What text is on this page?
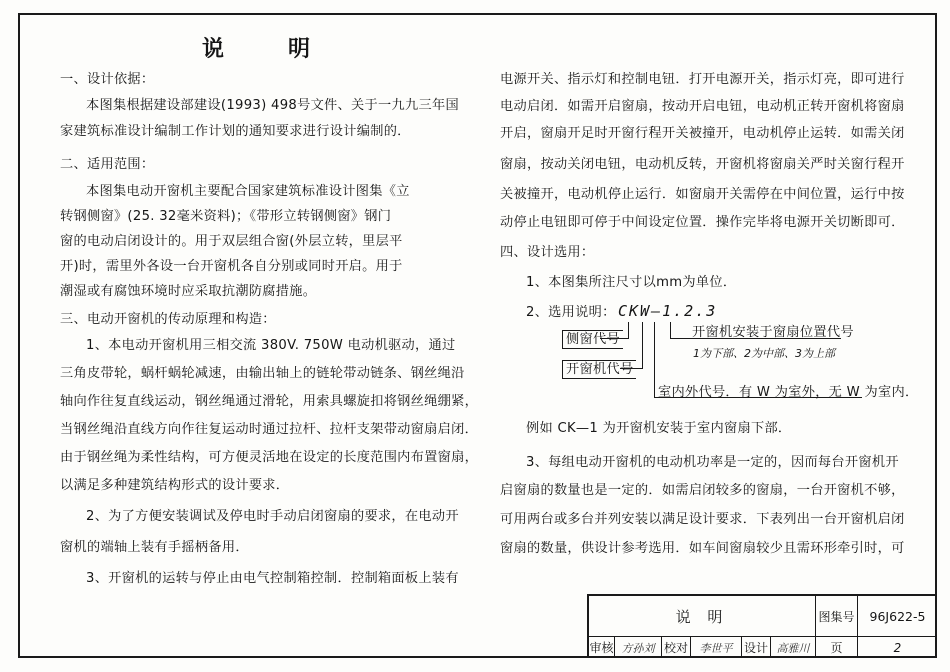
说	明
一、设计依据：
本图集根据建设部建设(1993) 498号文件、关于一九九三年国
家建筑标准设计编制工作计划的通知要求进行设计编制的．
二、适用范围：
本图集电动开窗机主要配合国家建筑标准设计图集《立
转钢侧窗》(25. 32毫米资料)；《带形立转钢侧窗》钢门
窗的电动启闭设计的。用于双层组合窗(外层立转，里层平
开)时，需里外各设一台开窗机各自分别或同时开启。用于
潮湿或有腐蚀环境时应采取抗潮防腐措施。
三、电动开窗机的传动原理和构造：
1、本电动开窗机用三相交流 380V. 750W 电动机驱动，通过
三角皮带轮，蜗杆蜗轮减速，由输出轴上的链轮带动链条、钢丝绳沿
轴向作往复直线运动，钢丝绳通过滑轮，用索具螺旋扣将钢丝绳绷紧，
当钢丝绳沿直线方向作往复运动时通过拉杆、拉杆支架带动窗扇启闭．
由于钢丝绳为柔性结构，可方便灵活地在设定的长度范围内布置窗扇，
以满足多种建筑结构形式的设计要求．
2、为了方便安装调试及停电时手动启闭窗扇的要求，在电动开
窗机的端轴上装有手摇柄备用．
3、开窗机的运转与停止由电气控制箱控制．控制箱面板上装有
电源开关、指示灯和控制电钮．打开电源开关，指示灯亮，即可进行
电动启闭．如需开启窗扇，按动开启电钮，电动机正转开窗机将窗扇
开启，窗扇开足时开窗行程开关被撞开，电动机停止运转．如需关闭
窗扇，按动关闭电钮，电动机反转，开窗机将窗扇关严时关窗行程开
关被撞开，电动机停止运行．如窗扇开关需停在中间位置，运行中按
动停止电钮即可停于中间设定位置．操作完毕将电源开关切断即可．
四、设计选用：
1、本图集所注尺寸以mm为单位．
2、选用说明： CKW—1.2.3
侧窗代号
开窗机代号
开窗机安装于窗扇位置代号
1为下部、2为中部、3为上部
室内外代号．有 W 为室外，无 W 为室内．
例如 CK—1 为开窗机安装于室内窗扇下部．
3、每组电动开窗机的电动机功率是一定的，因而每台开窗机开
启窗扇的数量也是一定的．如需启闭较多的窗扇，一台开窗机不够，
可用两台或多台并列安装以满足设计要求．下表列出一台开窗机启闭
窗扇的数量，供设计参考选用．如车间窗扇较少且需环形牵引时，可
说 明	图集号	96J622-5
审核 方孙刘 校对	李世平 设计 高雅川	页	2
